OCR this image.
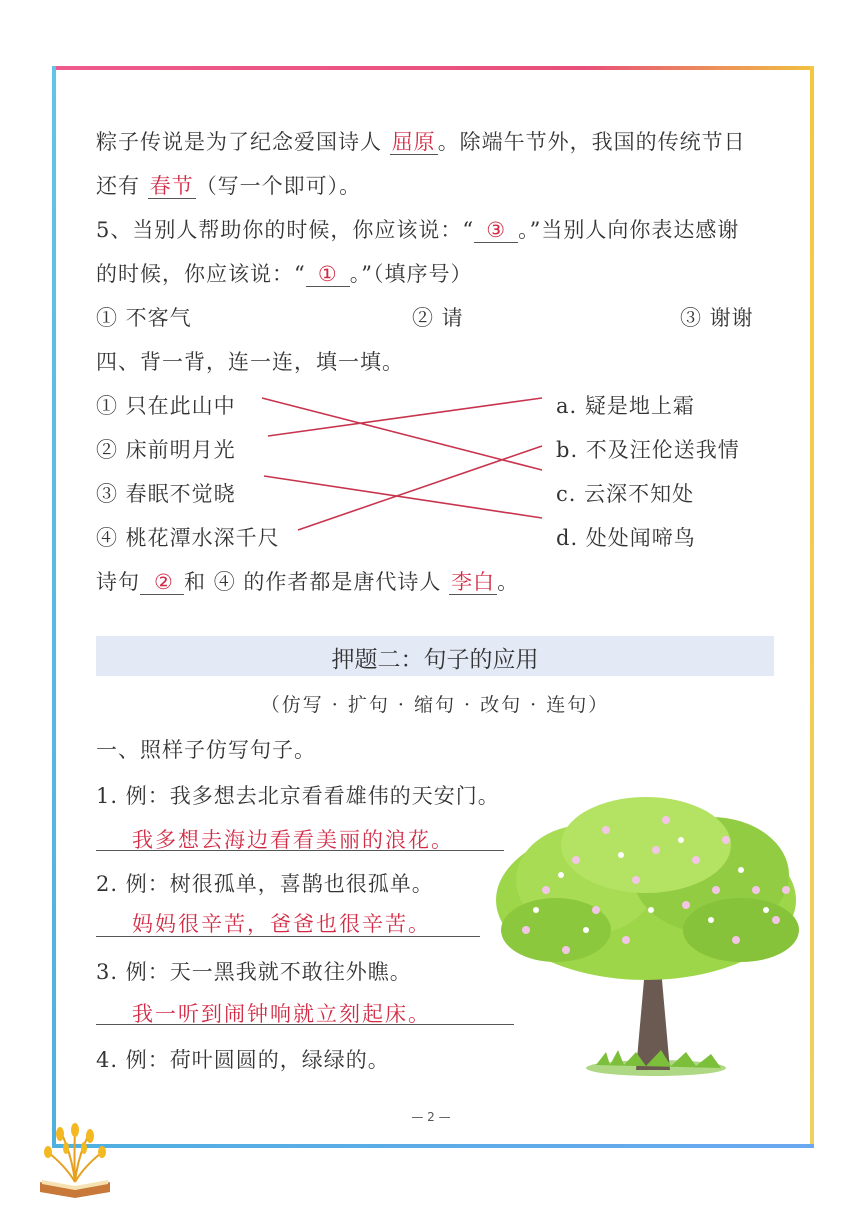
粽子传说是为了纪念爱国诗人 屈原。除端午节外，我国的传统节日
还有 春节（写一个即可）。
5、当别人帮助你的时候，你应该说：“ ③ 。”当别人向你表达感谢
的时候，你应该说：“ ① 。”（填序号）
① 不客气	② 请	③ 谢谢
四、背一背，连一连，填一填。
① 只在此山中
② 床前明月光
③ 春眠不觉晓
④ 桃花潭水深千尺
a. 疑是地上霜
b. 不及汪伦送我情
c. 云深不知处
d. 处处闻啼鸟
诗句 ② 和 ④ 的作者都是唐代诗人 李白。
押题二：句子的应用
（仿写 · 扩句 · 缩句 · 改句 · 连句）
一、照样子仿写句子。
1. 例：我多想去北京看看雄伟的天安门。
我多想去海边看看美丽的浪花。
2. 例：树很孤单，喜鹊也很孤单。
妈妈很辛苦，爸爸也很辛苦。
3. 例：天一黑我就不敢往外瞧。
我一听到闹钟响就立刻起床。
4. 例：荷叶圆圆的，绿绿的。
— 2 —
